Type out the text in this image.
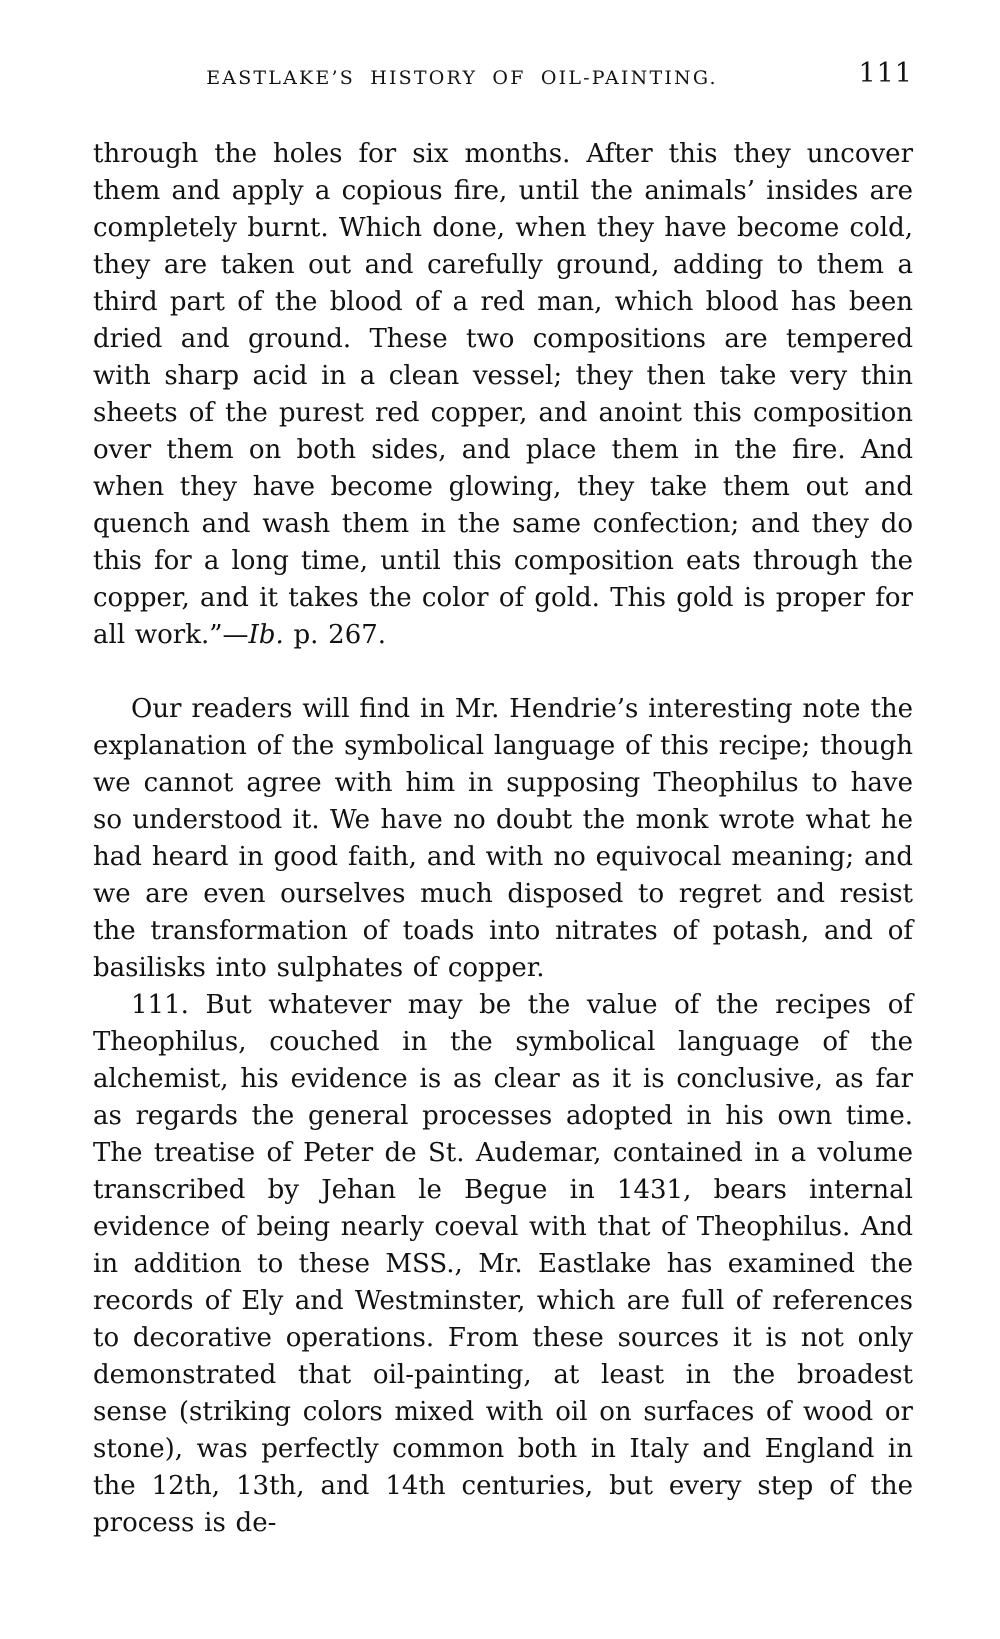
EASTLAKE’S HISTORY OF OIL-PAINTING.	111

through the holes for six months. After this they uncover them and apply a copious fire, until the animals’ insides are completely burnt. Which done, when they have become cold, they are taken out and carefully ground, adding to them a third part of the blood of a red man, which blood has been dried and ground. These two compositions are tempered with sharp acid in a clean vessel; they then take very thin sheets of the purest red copper, and anoint this composition over them on both sides, and place them in the fire. And when they have become glowing, they take them out and quench and wash them in the same confection; and they do this for a long time, until this composition eats through the copper, and it takes the color of gold. This gold is proper for all work.”—Ib. p. 267.

Our readers will find in Mr. Hendrie’s interesting note the explanation of the symbolical language of this recipe; though we cannot agree with him in supposing Theophilus to have so understood it. We have no doubt the monk wrote what he had heard in good faith, and with no equivocal meaning; and we are even ourselves much disposed to regret and resist the transformation of toads into nitrates of potash, and of basilisks into sulphates of copper.

111. But whatever may be the value of the recipes of Theophilus, couched in the symbolical language of the alchemist, his evidence is as clear as it is conclusive, as far as regards the general processes adopted in his own time. The treatise of Peter de St. Audemar, contained in a volume transcribed by Jehan le Begue in 1431, bears internal evidence of being nearly coeval with that of Theophilus. And in addition to these MSS., Mr. Eastlake has examined the records of Ely and Westminster, which are full of references to decorative operations. From these sources it is not only demonstrated that oil-painting, at least in the broadest sense (striking colors mixed with oil on surfaces of wood or stone), was perfectly common both in Italy and England in the 12th, 13th, and 14th centuries, but every step of the process is de-
